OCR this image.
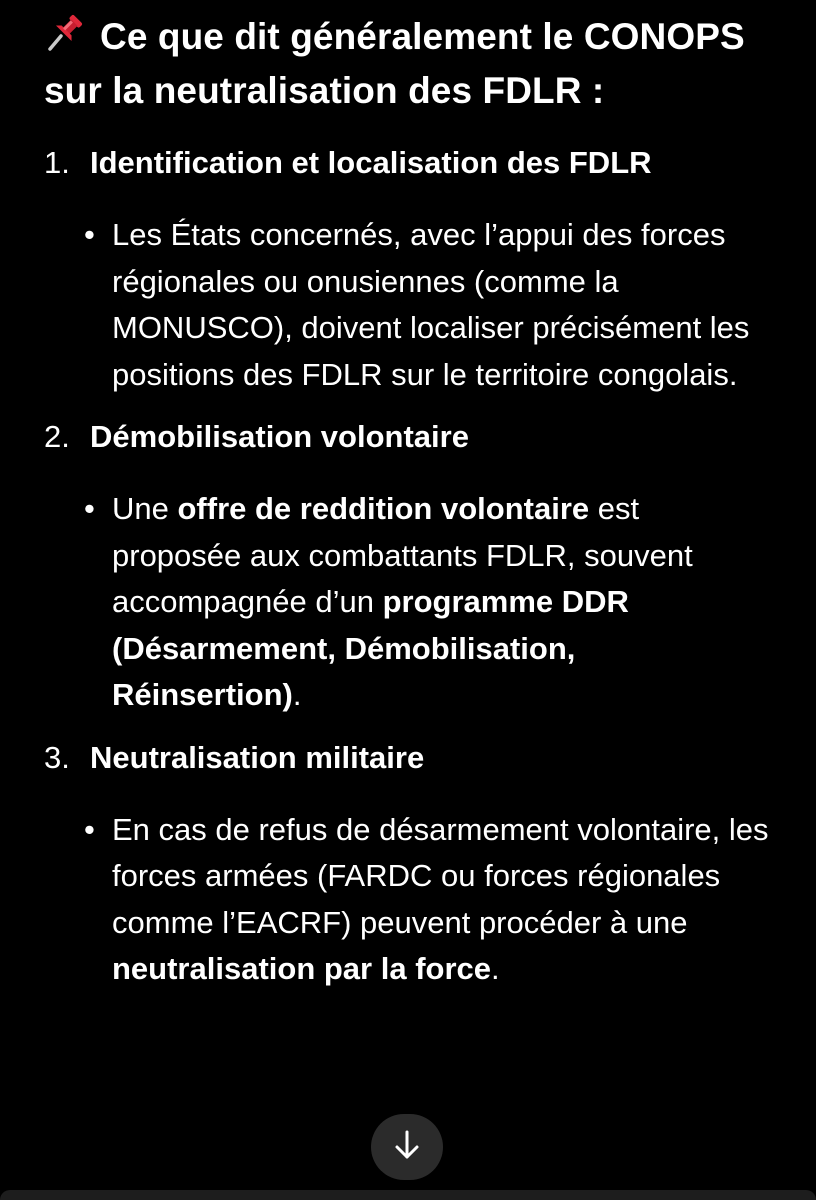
Ce que dit généralement le CONOPS sur la neutralisation des FDLR :
1. Identification et localisation des FDLR
• Les États concernés, avec l’appui des forces régionales ou onusiennes (comme la MONUSCO), doivent localiser précisément les positions des FDLR sur le territoire congolais.
2. Démobilisation volontaire
• Une offre de reddition volontaire est proposée aux combattants FDLR, souvent accompagnée d’un programme DDR (Désarmement, Démobilisation, Réinsertion).
3. Neutralisation militaire
• En cas de refus de désarmement volontaire, les forces armées (FARDC ou forces régionales comme l’EACRF) peuvent procéder à une neutralisation par la force.
